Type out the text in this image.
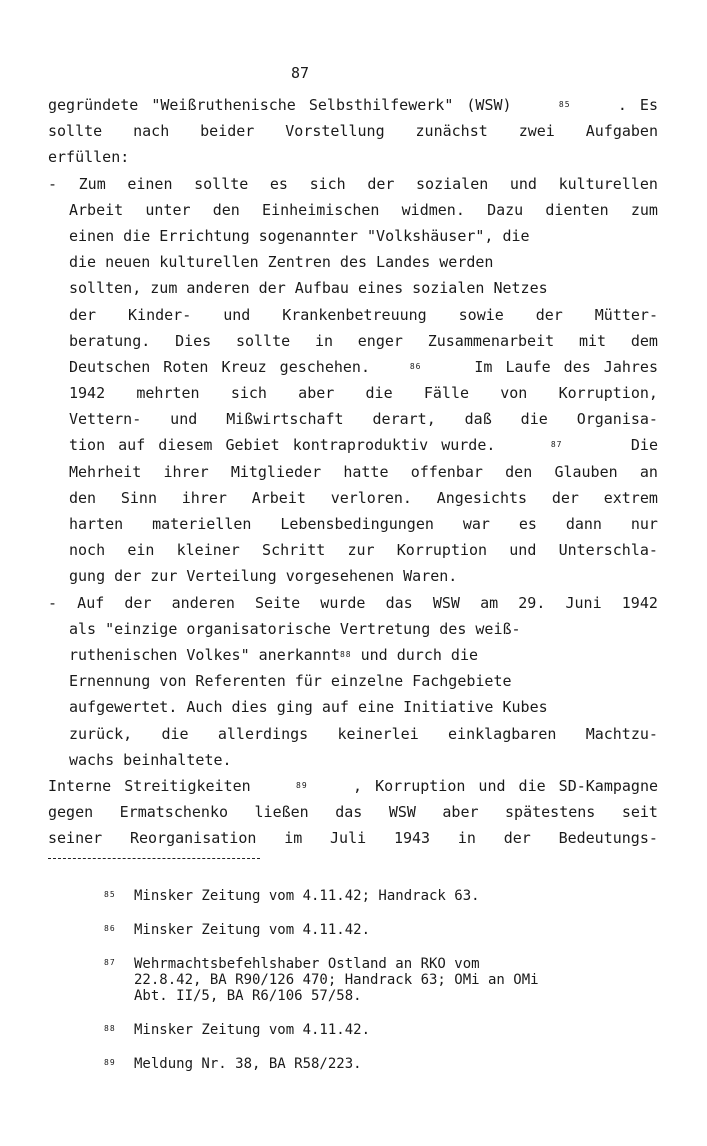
87
gegründete "Weißruthenische Selbsthilfewerk" (WSW)	85	. Es
sollte nach beider Vorstellung zunächst zwei Aufgaben
erfüllen:
- Zum einen sollte es sich der sozialen und kulturellen
Arbeit unter den Einheimischen widmen. Dazu dienten zum
einen die Errichtung sogenannter "Volkshäuser", die
die neuen kulturellen Zentren des Landes werden
sollten, zum anderen der Aufbau eines sozialen Netzes
der Kinder- und Krankenbetreuung sowie der Mütter-
beratung. Dies sollte in enger Zusammenarbeit mit dem
Deutschen Roten Kreuz geschehen.	86	Im Laufe des Jahres
1942 mehrten sich aber die Fälle von Korruption,
Vettern- und Mißwirtschaft derart, daß die Organisa-
tion auf diesem Gebiet kontraproduktiv wurde.	87	Die
Mehrheit ihrer Mitglieder hatte offenbar den Glauben an
den Sinn ihrer Arbeit verloren. Angesichts der extrem
harten materiellen Lebensbedingungen war es dann nur
noch ein kleiner Schritt zur Korruption und Unterschla-
gung der zur Verteilung vorgesehenen Waren.
- Auf der anderen Seite wurde das WSW am 29. Juni 1942
als "einzige organisatorische Vertretung des weiß-
ruthenischen Volkes" anerkannt 88 und durch die
Ernennung von Referenten für einzelne Fachgebiete
aufgewertet. Auch dies ging auf eine Initiative Kubes
zurück, die allerdings keinerlei einklagbaren Machtzu-
wachs beinhaltete.
Interne Streitigkeiten	89	, Korruption und die SD-Kampagne
gegen Ermatschenko ließen das WSW aber spätestens seit
seiner Reorganisation im Juli 1943 in der Bedeutungs-
85	Minsker Zeitung vom 4.11.42; Handrack 63.
86	Minsker Zeitung vom 4.11.42.
87	Wehrmachtsbefehlshaber Ostland an RKO vom
22.8.42, BA R90/126 470; Handrack 63; OMi an OMi
Abt. II/5, BA R6/106 57/58.
88	Minsker Zeitung vom 4.11.42.
89	Meldung Nr. 38, BA R58/223.
